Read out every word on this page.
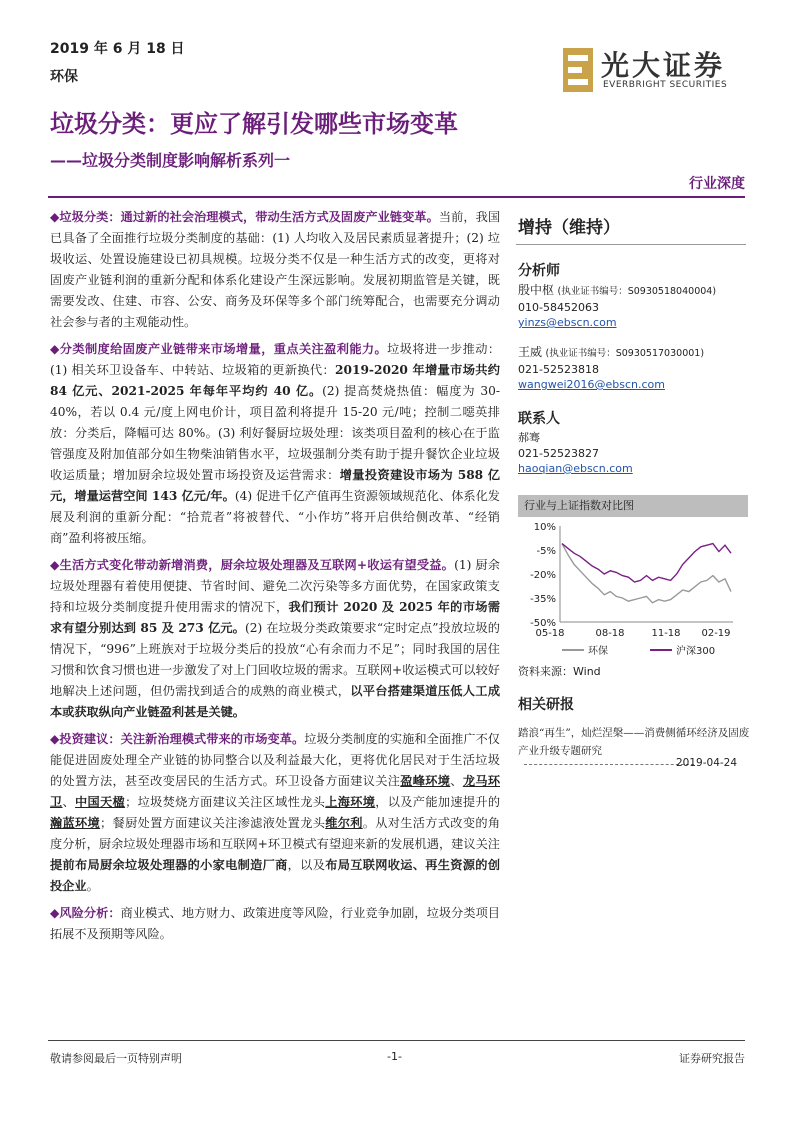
2019 年 6 月 18 日
环保	光大证券
EVERBRIGHT SECURITIES
垃圾分类：更应了解引发哪些市场变革
——垃圾分类制度影响解析系列一
行业深度

◆垃圾分类：通过新的社会治理模式，带动生活方式及固废产业链变革。当前，我国已具备了全面推行垃圾分类制度的基础：(1) 人均收入及居民素质显著提升；(2) 垃圾收运、处置设施建设已初具规模。垃圾分类不仅是一种生活方式的改变，更将对固废产业链利润的重新分配和体系化建设产生深远影响。发展初期监管是关键，既需要发改、住建、市容、公安、商务及环保等多个部门统筹配合，也需要充分调动社会参与者的主观能动性。

◆分类制度给固废产业链带来市场增量，重点关注盈利能力。垃圾将进一步推动：(1) 相关环卫设备车、中转站、垃圾箱的更新换代：2019-2020 年增量市场共约 84 亿元、2021-2025 年每年平均约 40 亿。(2) 提高焚烧热值：幅度为 30-40%，若以 0.4 元/度上网电价计，项目盈利将提升 15-20 元/吨；控制二噁英排放：分类后，降幅可达 80%。(3) 利好餐厨垃圾处理：该类项目盈利的核心在于监管强度及附加值部分如生物柴油销售水平，垃圾强制分类有助于提升餐饮企业垃圾收运质量；增加厨余垃圾处置市场投资及运营需求：增量投资建设市场为 588 亿元，增量运营空间 143 亿元/年。(4) 促进千亿产值再生资源领域规范化、体系化发展及利润的重新分配：“拾荒者”将被替代、“小作坊”将开启供给侧改革、“经销商”盈利将被压缩。

◆生活方式变化带动新增消费，厨余垃圾处理器及互联网+收运有望受益。(1) 厨余垃圾处理器有着使用便捷、节省时间、避免二次污染等多方面优势，在国家政策支持和垃圾分类制度提升使用需求的情况下，我们预计 2020 及 2025 年的市场需求有望分别达到 85 及 273 亿元。(2) 在垃圾分类政策要求“定时定点”投放垃圾的情况下，“996”上班族对于垃圾分类后的投放“心有余而力不足”；同时我国的居住习惯和饮食习惯也进一步激发了对上门回收垃圾的需求。互联网+收运模式可以较好地解决上述问题，但仍需找到适合的成熟的商业模式，以平台搭建渠道压低人工成本或获取纵向产业链盈利甚是关键。

◆投资建议：关注新治理模式带来的市场变革。垃圾分类制度的实施和全面推广不仅能促进固废处理全产业链的协同整合以及利益最大化，更将优化居民对于生活垃圾的处置方法，甚至改变居民的生活方式。环卫设备方面建议关注盈峰环境、龙马环卫、中国天楹；垃圾焚烧方面建议关注区域性龙头上海环境，以及产能加速提升的瀚蓝环境；餐厨处置方面建议关注渗滤液处置龙头维尔利。从对生活方式改变的角度分析，厨余垃圾处理器市场和互联网+环卫模式有望迎来新的发展机遇，建议关注提前布局厨余垃圾处理器的小家电制造厂商，以及布局互联网收运、再生资源的创投企业。

◆风险分析：商业模式、地方财力、政策进度等风险，行业竞争加剧，垃圾分类项目拓展不及预期等风险。

增持（维持）
分析师
殷中枢 (执业证书编号：S0930518040004)
010-58452063
yinzs@ebscn.com
王威 (执业证书编号：S0930517030001)
021-52523818
wangwei2016@ebscn.com
联系人
郝骞
021-52523827
haoqian@ebscn.com
行业与上证指数对比图
10%
-5%
-20%
-35%
-50%
05-18	08-18	11-18 02-19
环保	沪深300
资料来源：Wind
相关研报
踏浪“再生”，灿烂涅槃——消费侧循环经济及固废产业升级专题研究
2019-04-24
敬请参阅最后一页特别声明	-1-	证券研究报告
